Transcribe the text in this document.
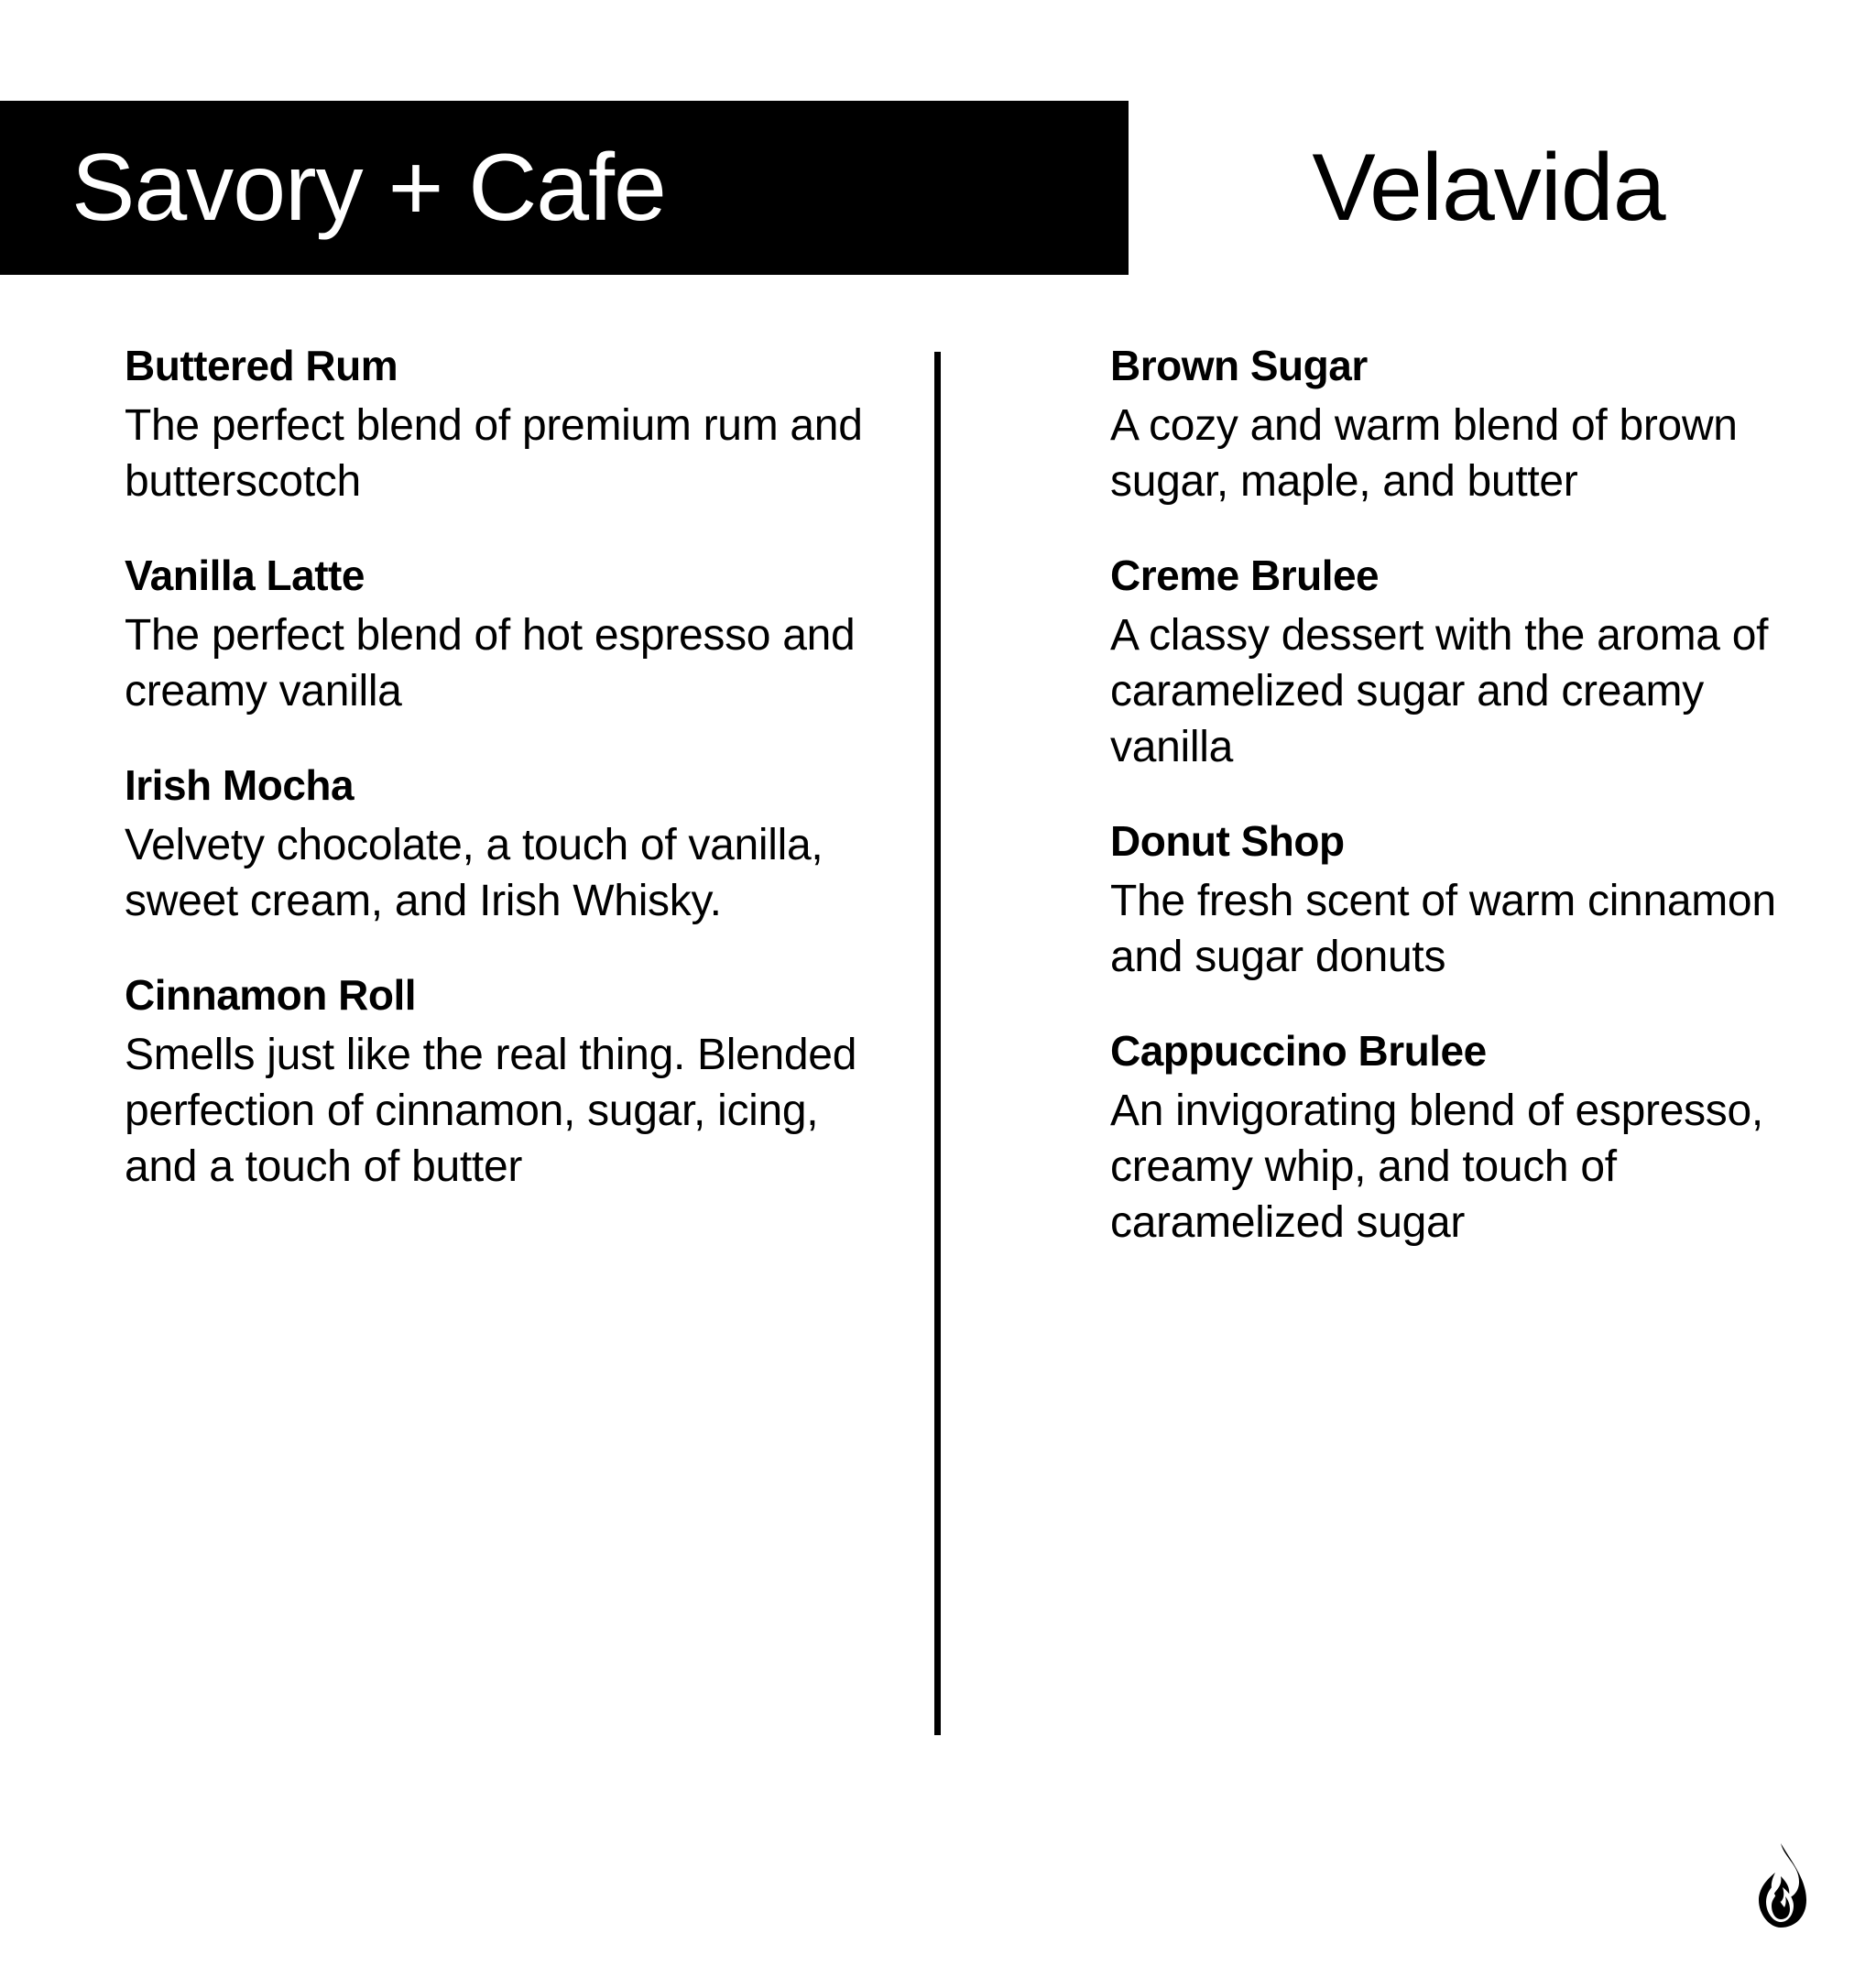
Savory + Cafe	Velavida
Buttered Rum
The perfect blend of premium rum and butterscotch
Vanilla Latte
The perfect blend of hot espresso and creamy vanilla
Irish Mocha
Velvety chocolate, a touch of vanilla, sweet cream, and Irish Whisky.
Cinnamon Roll
Smells just like the real thing. Blended perfection of cinnamon, sugar, icing, and a touch of butter
Brown Sugar
A cozy and warm blend of brown sugar, maple, and butter
Creme Brulee
A classy dessert with the aroma of caramelized sugar and creamy vanilla
Donut Shop
The fresh scent of warm cinnamon and sugar donuts
Cappuccino Brulee
An invigorating blend of espresso, creamy whip, and touch of caramelized sugar
